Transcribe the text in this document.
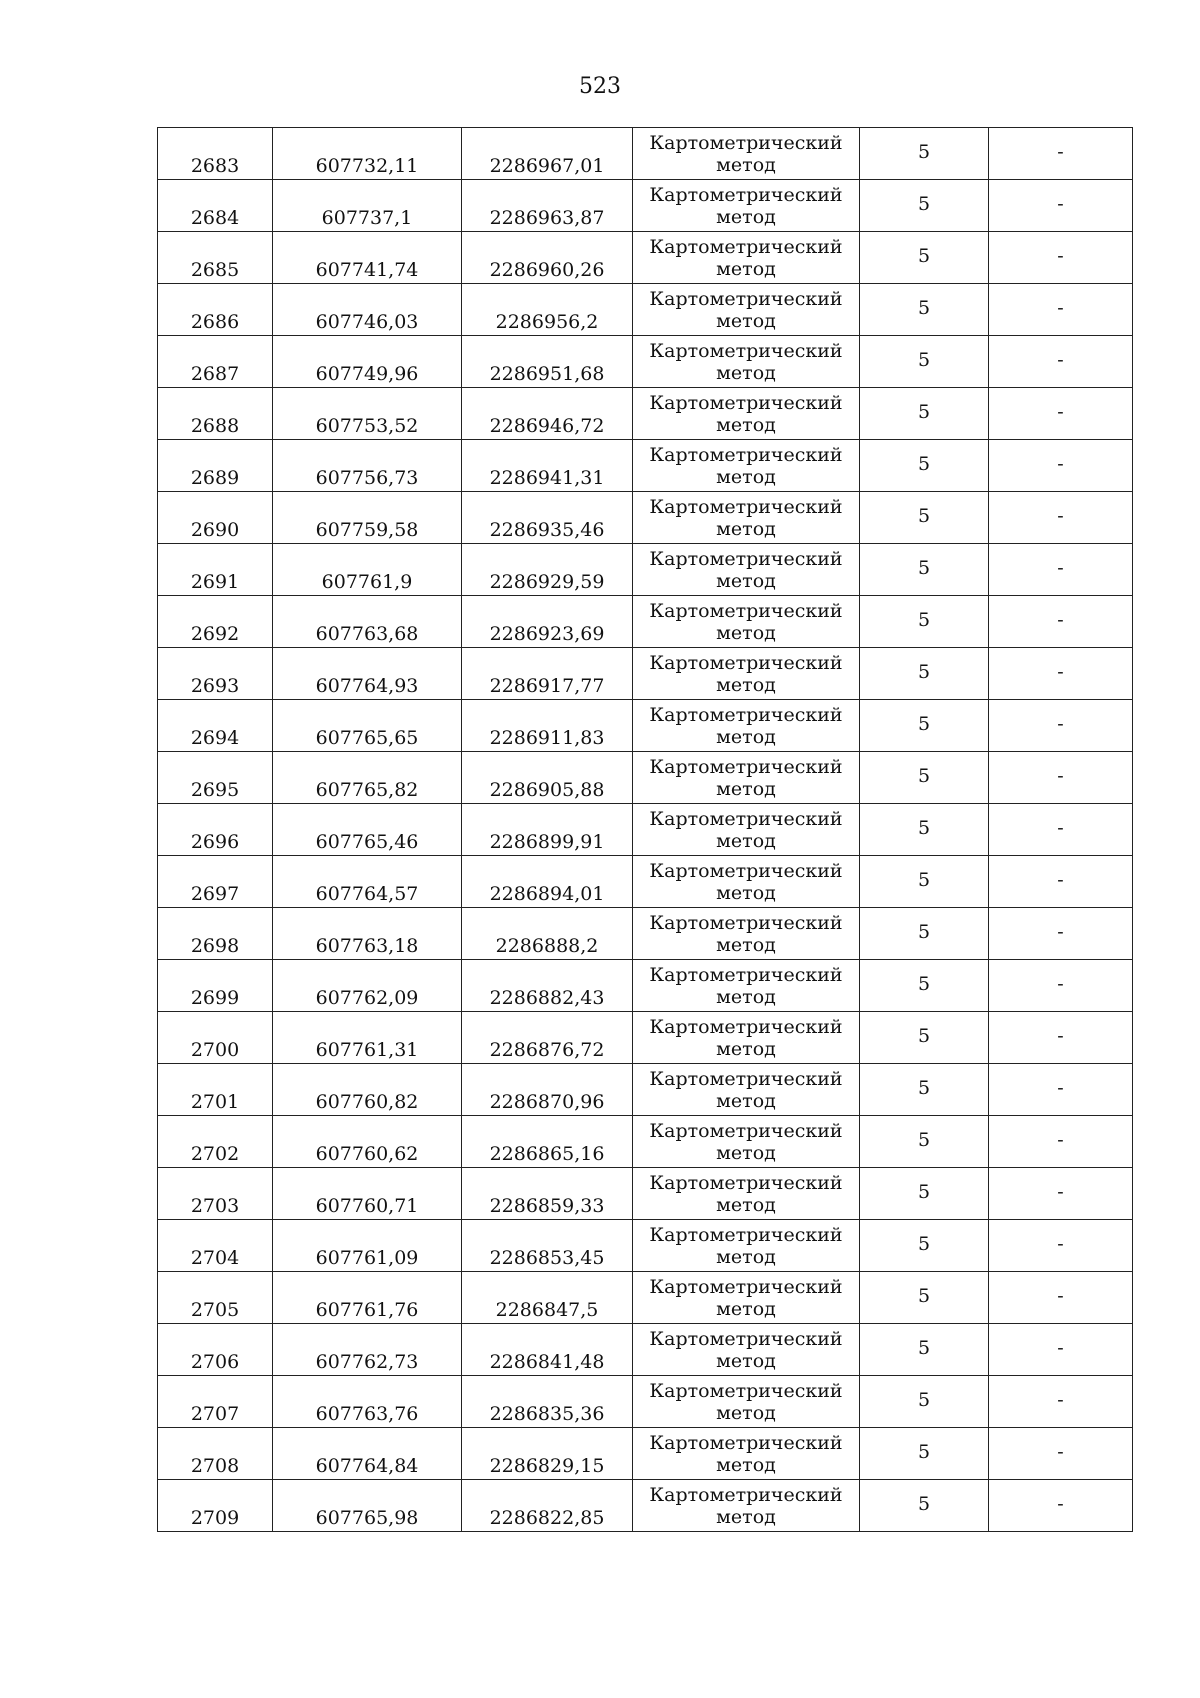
523
2683	607732,11	2286967,01	Картометрический
метод	5	-

2684	607737,1	2286963,87	Картометрический
метод	5	-

2685	607741,74	2286960,26	Картометрический
метод	5	-

2686	607746,03	2286956,2	Картометрический
метод	5	-

2687	607749,96	2286951,68	Картометрический
метод	5	-

2688	607753,52	2286946,72	Картометрический
метод	5	-

2689	607756,73	2286941,31	Картометрический
метод	5	-

2690	607759,58	2286935,46	Картометрический
метод	5	-

2691	607761,9	2286929,59	Картометрический
метод	5	-

2692	607763,68	2286923,69	Картометрический
метод	5	-

2693	607764,93	2286917,77	Картометрический
метод	5	-

2694	607765,65	2286911,83	Картометрический
метод	5	-

2695	607765,82	2286905,88	Картометрический
метод	5	-

2696	607765,46	2286899,91	Картометрический
метод	5	-

2697	607764,57	2286894,01	Картометрический
метод	5	-

2698	607763,18	2286888,2	Картометрический
метод	5	-

2699	607762,09	2286882,43	Картометрический
метод	5	-

2700	607761,31	2286876,72	Картометрический
метод	5	-

2701	607760,82	2286870,96	Картометрический
метод	5	-

2702	607760,62	2286865,16	Картометрический
метод	5	-

2703	607760,71	2286859,33	Картометрический
метод	5	-

2704	607761,09	2286853,45	Картометрический
метод	5	-

2705	607761,76	2286847,5	Картометрический
метод	5	-

2706	607762,73	2286841,48	Картометрический
метод	5	-

2707	607763,76	2286835,36	Картометрический
метод	5	-

2708	607764,84	2286829,15	Картометрический
метод	5	-

2709	607765,98	2286822,85	Картометрический
метод	5	-
